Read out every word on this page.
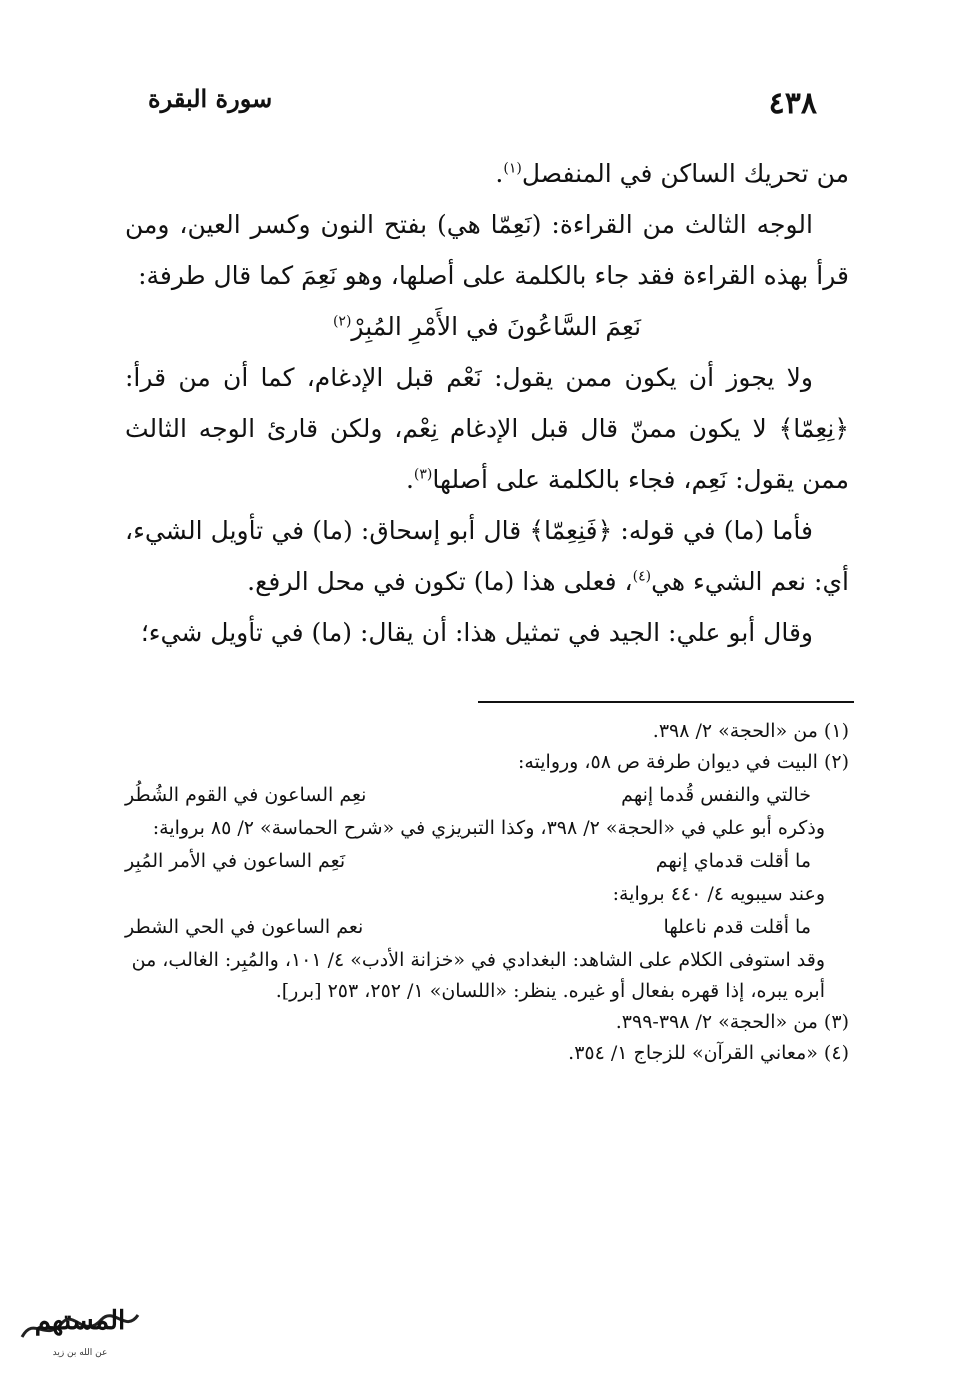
٤٣٨
سورة البقرة

من تحريك الساكن في المنفصل$^{(١)}$.

الوجه الثالث من القراءة: (نَعِمّا هي) بفتح النون وكسر العين، ومن قرأ بهذه القراءة فقد جاء بالكلمة على أصلها، وهو نَعِمَ كما قال طرفة:

نَعِمَ السَّاعُونَ في الأَمْرِ المُبِرْ$^{(٢)}$

ولا يجوز أن يكون ممن يقول: نَعْم قبل الإدغام، كما أن من قرأ: ﴿نِعِمّا﴾ لا يكون ممنّ قال قبل الإدغام نِعْم، ولكن قارئ الوجه الثالث ممن يقول: نَعِم، فجاء بالكلمة على أصلها$^{(٣)}$.

فأما (ما) في قوله: ﴿فَنِعِمّا﴾ قال أبو إسحاق: (ما) في تأويل الشيء، أي: نعم الشيء هي$^{(٤)}$، فعلى هذا (ما) تكون في محل الرفع.

وقال أبو علي: الجيد في تمثيل هذا: أن يقال: (ما) في تأويل شيء؛

(١) من «الحجة» ٢/ ٣٩٨.

(٢) البيت في ديوان طرفة ص ٥٨، وروايته:

خالتي والنفس قُدما إنهم
نعِم الساعون في القوم الشُطُر

وذكره أبو علي في «الحجة» ٢/ ٣٩٨، وكذا التبريزي في «شرح الحماسة» ٢/ ٨٥ برواية:

ما أقلت قدماي إنهم
نَعِم الساعون في الأمر المُبِر

وعند سيبويه ٤/ ٤٤٠ برواية:

ما أقلت قدم ناعلها
نعم الساعون في الحي الشطر

وقد استوفى الكلام على الشاهد: البغدادي في «خزانة الأدب» ٤/ ١٠١، والمُبِر: الغالب، من أبره يبره، إذا قهره بفعال أو غيره. ينظر: «اللسان» ١/ ٢٥٢، ٢٥٣ [برر].

(٣) من «الحجة» ٢/ ٣٩٨-٣٩٩.

(٤) «معاني القرآن» للزجاج ١/ ٣٥٤.

المستهم
عن الله بن زيد
